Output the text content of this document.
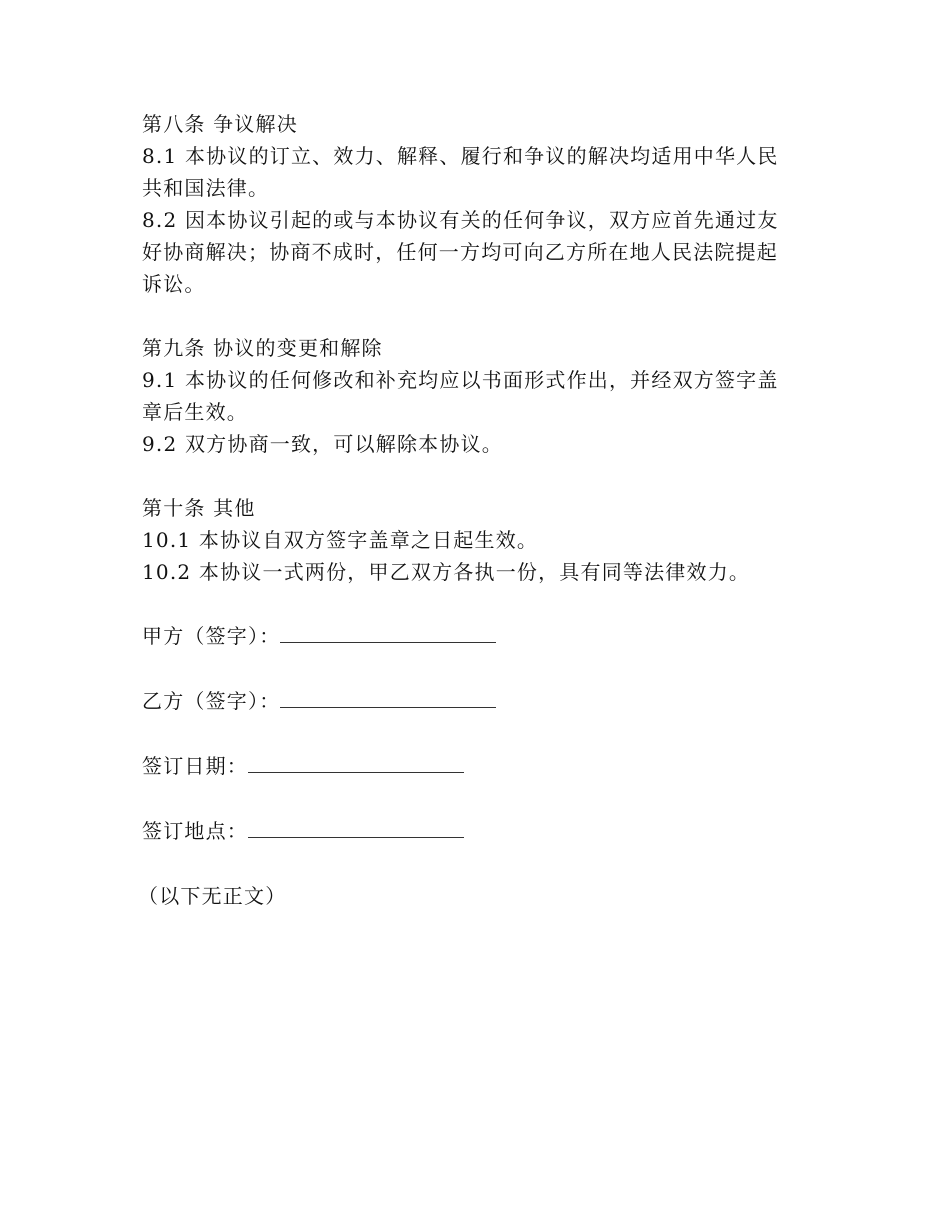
第八条 争议解决
8.1 本协议的订立、效力、解释、履行和争议的解决均适用中华人民
共和国法律。
8.2 因本协议引起的或与本协议有关的任何争议，双方应首先通过友
好协商解决；协商不成时，任何一方均可向乙方所在地人民法院提起
诉讼。
第九条 协议的变更和解除
9.1 本协议的任何修改和补充均应以书面形式作出，并经双方签字盖
章后生效。
9.2 双方协商一致，可以解除本协议。
第十条 其他
10.1 本协议自双方签字盖章之日起生效。
10.2 本协议一式两份，甲乙双方各执一份，具有同等法律效力。
甲方（签字）：
乙方（签字）：
签订日期：
签订地点：
（以下无正文）
